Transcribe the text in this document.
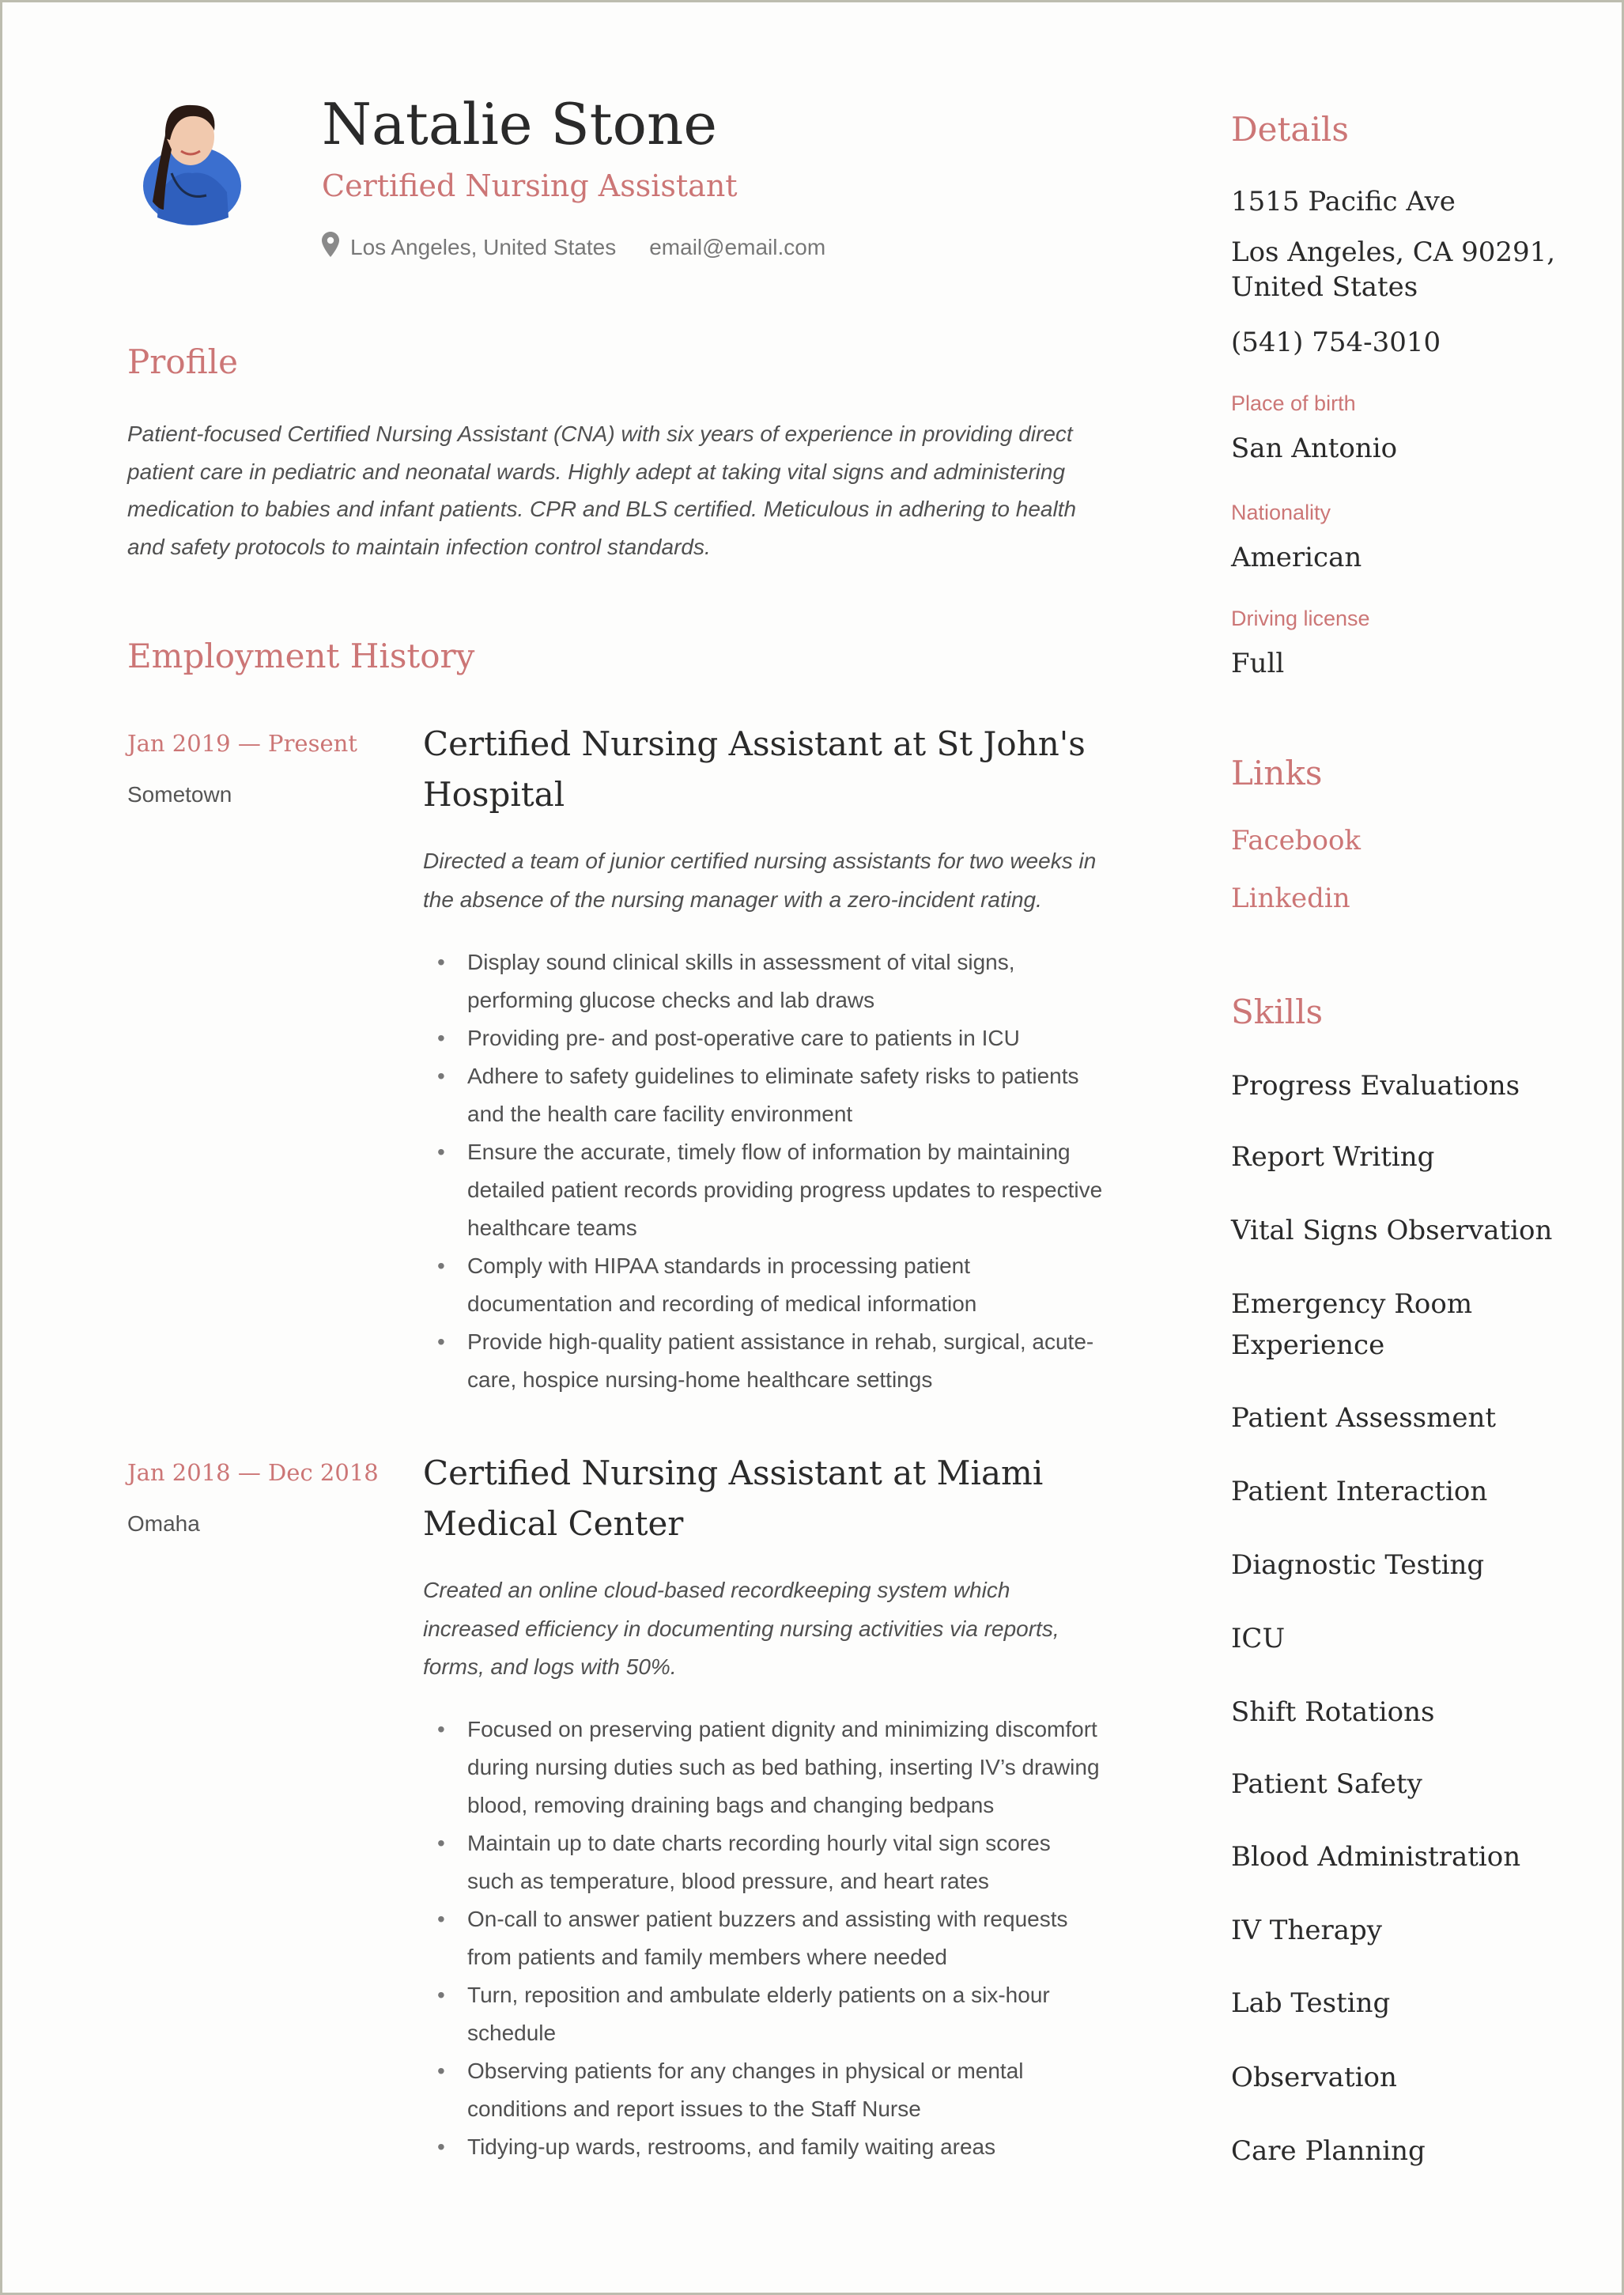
Natalie Stone
Certified Nursing Assistant
Los Angeles, United States email@email.com
Profile
Patient-focused Certified Nursing Assistant (CNA) with six years of experience in providing direct patient care in pediatric and neonatal wards. Highly adept at taking vital signs and administering medication to babies and infant patients. CPR and BLS certified. Meticulous in adhering to health and safety protocols to maintain infection control standards.
Employment History
Jan 2019 — Present
Sometown
Certified Nursing Assistant at St John's Hospital
Directed a team of junior certified nursing assistants for two weeks in the absence of the nursing manager with a zero-incident rating.
• Display sound clinical skills in assessment of vital signs, performing glucose checks and lab draws
• Providing pre- and post-operative care to patients in ICU
• Adhere to safety guidelines to eliminate safety risks to patients and the health care facility environment
• Ensure the accurate, timely flow of information by maintaining detailed patient records providing progress updates to respective healthcare teams
• Comply with HIPAA standards in processing patient documentation and recording of medical information
• Provide high-quality patient assistance in rehab, surgical, acute-care, hospice nursing-home healthcare settings
Jan 2018 — Dec 2018
Omaha
Certified Nursing Assistant at Miami Medical Center
Created an online cloud-based recordkeeping system which increased efficiency in documenting nursing activities via reports, forms, and logs with 50%.
• Focused on preserving patient dignity and minimizing discomfort during nursing duties such as bed bathing, inserting IV’s drawing blood, removing draining bags and changing bedpans
• Maintain up to date charts recording hourly vital sign scores such as temperature, blood pressure, and heart rates
• On-call to answer patient buzzers and assisting with requests from patients and family members where needed
• Turn, reposition and ambulate elderly patients on a six-hour schedule
• Observing patients for any changes in physical or mental conditions and report issues to the Staff Nurse
• Tidying-up wards, restrooms, and family waiting areas
Details
1515 Pacific Ave
Los Angeles, CA 90291, United States
(541) 754-3010
Place of birth
San Antonio
Nationality
American
Driving license
Full
Links
Facebook
Linkedin
Skills
Progress Evaluations
Report Writing
Vital Signs Observation
Emergency Room Experience
Patient Assessment
Patient Interaction
Diagnostic Testing
ICU
Shift Rotations
Patient Safety
Blood Administration
IV Therapy
Lab Testing
Observation
Care Planning
